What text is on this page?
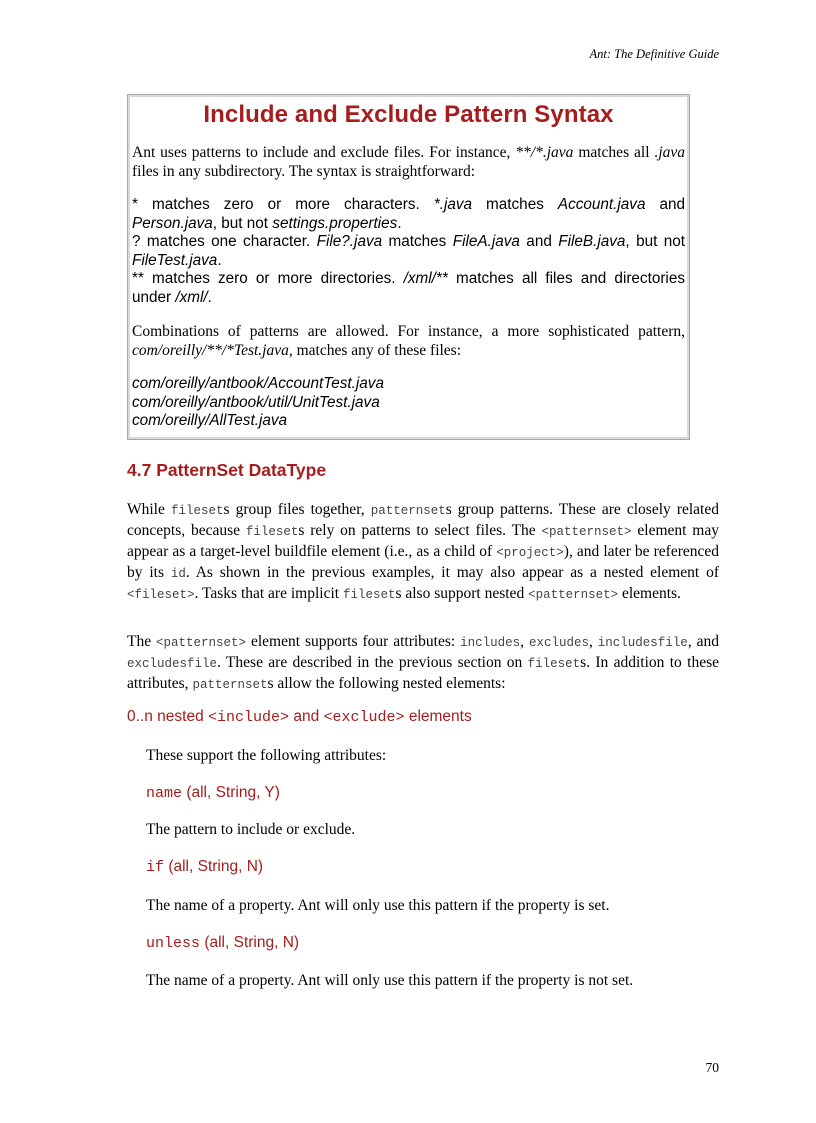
Ant: The Definitive Guide
Include and Exclude Pattern Syntax

Ant uses patterns to include and exclude files. For instance, **/*.java matches all .java files in any subdirectory. The syntax is straightforward:

* matches zero or more characters. *.java matches Account.java and Person.java, but not settings.properties.

? matches one character. File?.java matches FileA.java and FileB.java, but not FileTest.java.

** matches zero or more directories. /xml/** matches all files and directories under /xml/.

Combinations of patterns are allowed. For instance, a more sophisticated pattern, com/oreilly/**/*Test.java, matches any of these files:

com/oreilly/antbook/AccountTest.java

com/oreilly/antbook/util/UnitTest.java

com/oreilly/AllTest.java

4.7 PatternSet DataType

While filesets group files together, patternsets group patterns. These are closely related concepts, because filesets rely on patterns to select files. The <patternset> element may appear as a target-level buildfile element (i.e., as a child of <project>), and later be referenced by its id. As shown in the previous examples, it may also appear as a nested element of <fileset>. Tasks that are implicit filesets also support nested <patternset> elements.

The <patternset> element supports four attributes: includes, excludes, includesfile, and excludesfile. These are described in the previous section on filesets. In addition to these attributes, patternsets allow the following nested elements:

0..n nested <include> and <exclude> elements

These support the following attributes:

name (all, String, Y)

The pattern to include or exclude.

if (all, String, N)

The name of a property. Ant will only use this pattern if the property is set.

unless (all, String, N)

The name of a property. Ant will only use this pattern if the property is not set.

70
